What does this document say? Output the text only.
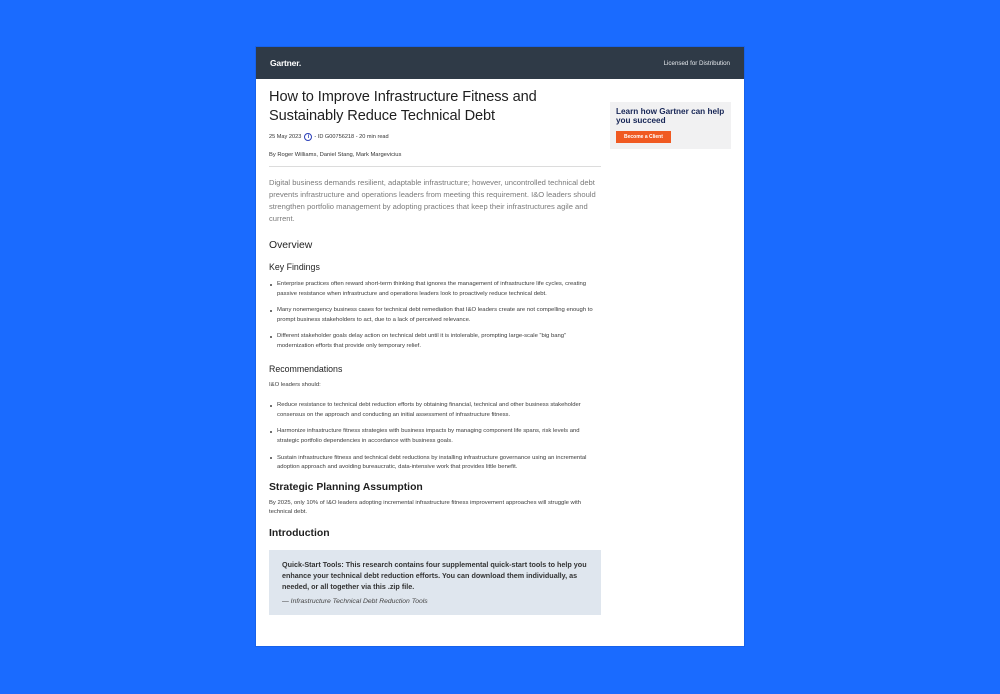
Gartner.	Licensed for Distribution
How to Improve Infrastructure Fitness and Sustainably Reduce Technical Debt
25 May 2023	i - ID G00756218 - 20 min read
By Roger Williams, Daniel Stang, Mark Margevicius

Digital business demands resilient, adaptable infrastructure; however, uncontrolled technical debt prevents infrastructure and operations leaders from meeting this requirement. I&O leaders should strengthen portfolio management by adopting practices that keep their infrastructures agile and current.

Overview
Key Findings
Enterprise practices often reward short-term thinking that ignores the management of infrastructure life cycles, creating passive resistance when infrastructure and operations leaders look to proactively reduce technical debt.
Many nonemergency business cases for technical debt remediation that I&O leaders create are not compelling enough to prompt business stakeholders to act, due to a lack of perceived relevance.
Different stakeholder goals delay action on technical debt until it is intolerable, prompting large-scale “big bang” modernization efforts that provide only temporary relief.
Recommendations

I&O leaders should:

Reduce resistance to technical debt reduction efforts by obtaining financial, technical and other business stakeholder consensus on the approach and conducting an initial assessment of infrastructure fitness.
Harmonize infrastructure fitness strategies with business impacts by managing component life spans, risk levels and strategic portfolio dependencies in accordance with business goals.
Sustain infrastructure fitness and technical debt reductions by installing infrastructure governance using an incremental adoption approach and avoiding bureaucratic, data-intensive work that provides little benefit.
Strategic Planning Assumption

By 2025, only 10% of I&O leaders adopting incremental infrastructure fitness improvement approaches will struggle with technical debt.

Introduction

Quick-Start Tools: This research contains four supplemental quick-start tools to help you enhance your technical debt reduction efforts. You can download them individually, as needed, or all together via this .zip file.

— Infrastructure Technical Debt Reduction Tools

Learn how Gartner can help you succeed
Become a Client
